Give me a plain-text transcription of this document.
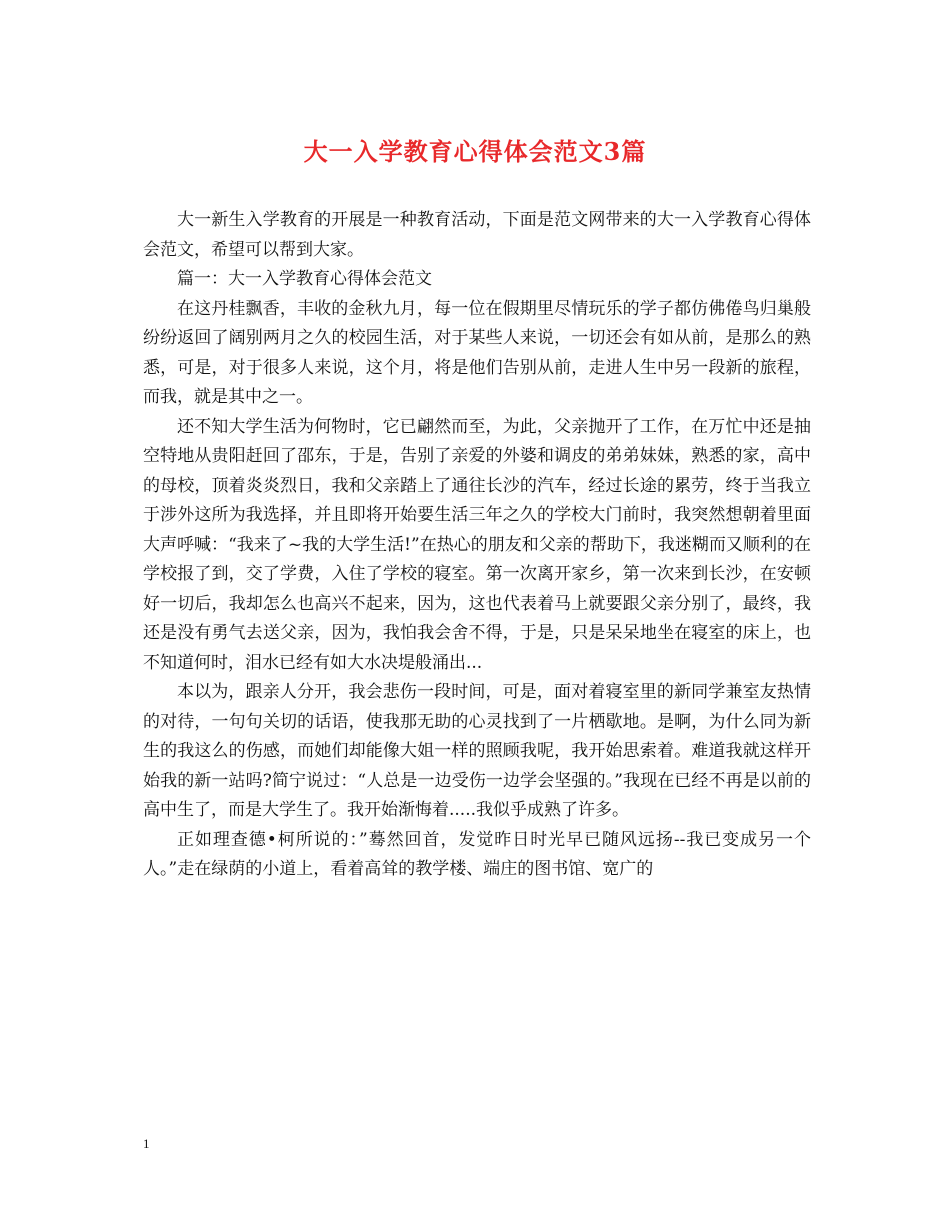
大一入学教育心得体会范文3篇

大一新生入学教育的开展是一种教育活动，下面是范文网带来的大一入学教育心得体会范文，希望可以帮到大家。

篇一：大一入学教育心得体会范文

在这丹桂飘香，丰收的金秋九月，每一位在假期里尽情玩乐的学子都仿佛倦鸟归巢般纷纷返回了阔别两月之久的校园生活，对于某些人来说，一切还会有如从前，是那么的熟悉，可是，对于很多人来说，这个月，将是他们告别从前，走进人生中另一段新的旅程，而我，就是其中之一。

还不知大学生活为何物时，它已翩然而至，为此，父亲抛开了工作，在万忙中还是抽空特地从贵阳赶回了邵东，于是，告别了亲爱的外婆和调皮的弟弟妹妹，熟悉的家，高中的母校，顶着炎炎烈日，我和父亲踏上了通往长沙的汽车，经过长途的累劳，终于当我立于涉外这所为我选择，并且即将开始要生活三年之久的学校大门前时，我突然想朝着里面大声呼喊：“我来了~我的大学生活!”在热心的朋友和父亲的帮助下，我迷糊而又顺利的在学校报了到，交了学费，入住了学校的寝室。第一次离开家乡，第一次来到长沙，在安顿好一切后，我却怎么也高兴不起来，因为，这也代表着马上就要跟父亲分别了，最终，我还是没有勇气去送父亲，因为，我怕我会舍不得，于是，只是呆呆地坐在寝室的床上，也不知道何时，泪水已经有如大水决堤般涌出...

本以为，跟亲人分开，我会悲伤一段时间，可是，面对着寝室里的新同学兼室友热情的对待，一句句关切的话语，使我那无助的心灵找到了一片栖歇地。是啊，为什么同为新生的我这么的伤感，而她们却能像大姐一样的照顾我呢，我开始思索着。难道我就这样开始我的新一站吗?简宁说过：“人总是一边受伤一边学会坚强的。”我现在已经不再是以前的高中生了，而是大学生了。我开始渐悔着.....我似乎成熟了许多。

正如理查德•柯所说的：”蓦然回首，发觉昨日时光早已随风远扬--我已变成另一个人。”走在绿荫的小道上，看着高耸的教学楼、端庄的图书馆、宽广的

1
